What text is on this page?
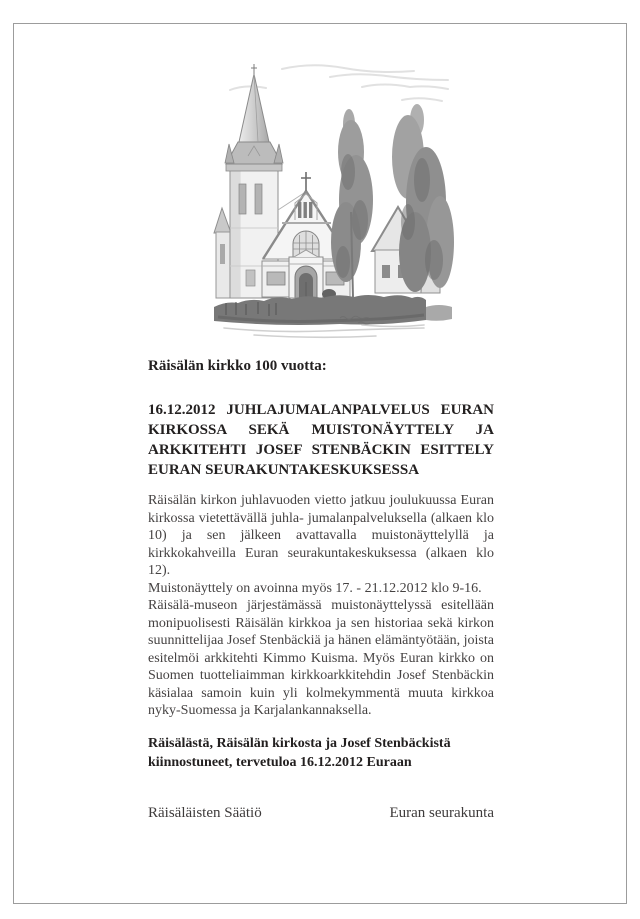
Räisälän kirkko 100 vuotta:

16.12.2012 JUHLAJUMALANPALVELUS EURAN KIRKOSSA SEKÄ MUISTONÄYTTELY JA ARKKITEHTI JOSEF STENBÄCKIN ESITTELY EURAN SEURAKUNTAKESKUKSESSA

Räisälän kirkon juhlavuoden vietto jatkuu joulukuussa Euran kirkossa vietettävällä juhla- jumalanpalveluksella (alkaen klo 10) ja sen jälkeen avattavalla muistonäyttelyllä ja kirkkokahveilla Euran seurakuntakeskuksessa (alkaen klo 12).

Muistonäyttely on avoinna myös 17. - 21.12.2012 klo 9-16.

Räisälä-museon järjestämässä muistonäyttelyssä esitellään monipuolisesti Räisälän kirkkoa ja sen historiaa sekä kirkon suunnittelijaa Josef Stenbäckiä ja hänen elämäntyötään, joista esitelmöi arkkitehti Kimmo Kuisma. Myös Euran kirkko on Suomen tuotteliaimman kirkkoarkkitehdin Josef Stenbäckin käsialaa samoin kuin yli kolmekymmentä muuta kirkkoa nyky-Suomessa ja Karjalankannaksella.

Räisälästä, Räisälän kirkosta ja Josef Stenbäckistä kiinnostuneet, tervetuloa 16.12.2012 Euraan

Räisäläisten Säätiö	Euran seurakunta
